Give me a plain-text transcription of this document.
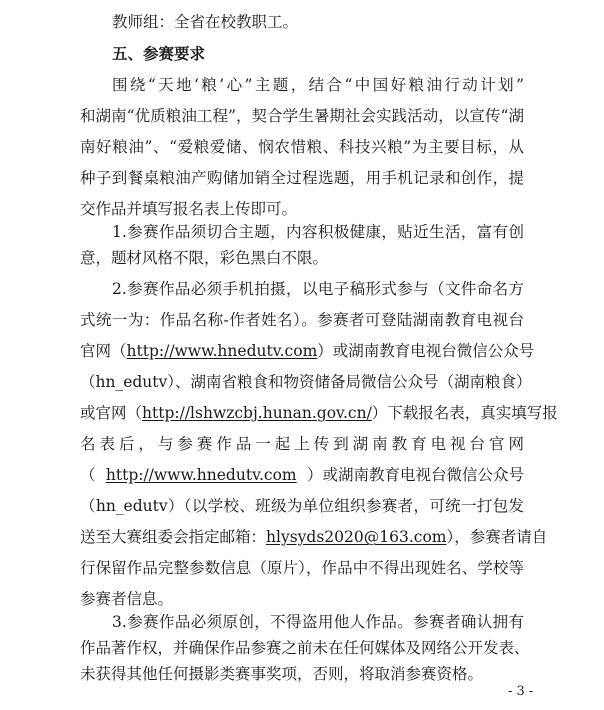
教师组：全省在校教职工。
五、参赛要求
围绕“天地‘粮’心”主题，结合“中国好粮油行动计划”
和湖南“优质粮油工程”，契合学生暑期社会实践活动，以宣传“湖
南好粮油”、“爱粮爱储、悯农惜粮、科技兴粮”为主要目标，从
种子到餐桌粮油产购储加销全过程选题，用手机记录和创作，提
交作品并填写报名表上传即可。
1.参赛作品须切合主题，内容积极健康，贴近生活，富有创
意，题材风格不限，彩色黑白不限。
2.参赛作品必须手机拍摄，以电子稿形式参与（文件命名方
式统一为：作品名称-作者姓名）。参赛者可登陆湖南教育电视台
官网（ http://www.hnedutv.com ）或湖南教育电视台微信公众号
（hn_edutv）、湖南省粮食和物资储备局微信公众号（湖南粮食）
或官网（ http://lshwzcbj.hunan.gov.cn/ ）下载报名表，真实填写报
名表后，与参赛作品一起上传到湖南教育电视台官网
（ http://www.hnedutv.com ）或湖南教育电视台微信公众号
（hn_edutv）（以学校、班级为单位组织参赛者，可统一打包发
送至大赛组委会指定邮箱： hlysyds2020@163.com ），参赛者请自
行保留作品完整参数信息（原片），作品中不得出现姓名、学校等
参赛者信息。
3.参赛作品必须原创，不得盗用他人作品。参赛者确认拥有
作品著作权，并确保作品参赛之前未在任何媒体及网络公开发表、
未获得其他任何摄影类赛事奖项，否则，将取消参赛资格。
- 3 -
